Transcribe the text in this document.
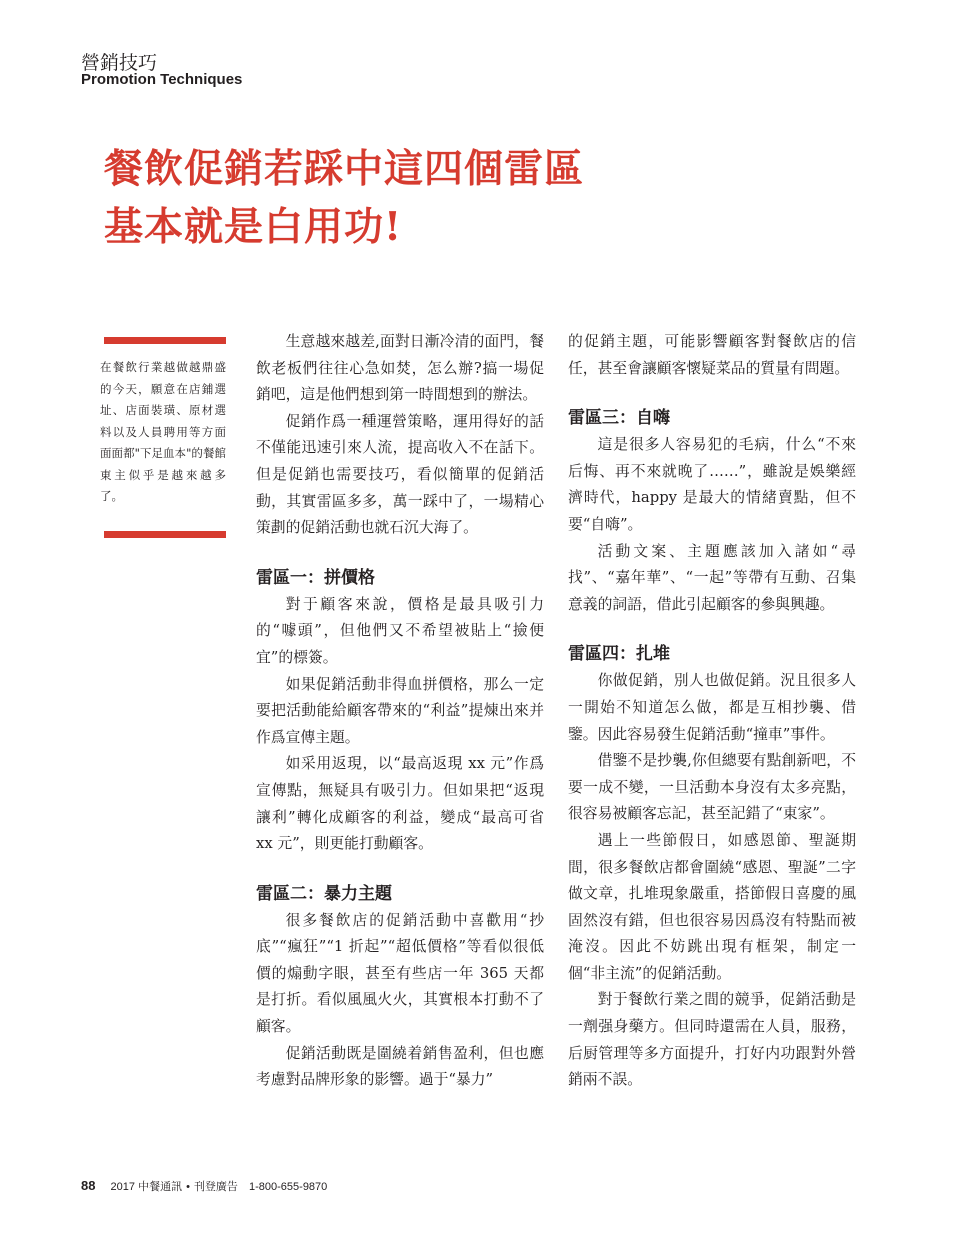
營銷技巧
Promotion Techniques
餐飲促銷若踩中這四個雷區
基本就是白用功!

在餐飲行業越做越鼎盛的今天，願意在店鋪選址、店面裝璜、原材選料以及人員聘用等方面面面都"下足血本"的餐館東主似乎是越來越多了。

生意越來越差,面對日漸冷清的面門，餐飲老板們往往心急如焚，怎么辦?搞一場促銷吧，這是他們想到第一時間想到的辦法。

促銷作爲一種運營策略，運用得好的話不僅能迅速引來人流，提高收入不在話下。但是促銷也需要技巧，看似簡單的促銷活動，其實雷區多多，萬一踩中了，一場精心策劃的促銷活動也就石沉大海了。

雷區一：拼價格

對于顧客來說，價格是最具吸引力的“噱頭”，但他們又不希望被貼上“撿便宜”的標簽。

如果促銷活動非得血拼價格，那么一定要把活動能給顧客帶來的“利益”提煉出來并作爲宣傳主題。

如采用返現，以“最高返現 xx 元”作爲宣傳點，無疑具有吸引力。但如果把“返現讓利”轉化成顧客的利益，變成“最高可省 xx 元”，則更能打動顧客。

雷區二：暴力主題

很多餐飲店的促銷活動中喜歡用“抄底”“瘋狂”“1 折起”“超低價格”等看似很低價的煽動字眼，甚至有些店一年 365 天都是打折。看似風風火火，其實根本打動不了顧客。

促銷活動既是圍繞着銷售盈利，但也應考慮對品牌形象的影響。過于“暴力”

的促銷主題，可能影響顧客對餐飲店的信任，甚至會讓顧客懷疑菜品的質量有問題。

雷區三：自嗨

這是很多人容易犯的毛病，什么“不來后悔、再不來就晚了……”，雖說是娛樂經濟時代，happy 是最大的情緒賣點，但不要“自嗨”。

活動文案、主題應該加入諸如“尋找”、“嘉年華”、“一起”等帶有互動、召集意義的詞語，借此引起顧客的參與興趣。

雷區四：扎堆

你做促銷，別人也做促銷。況且很多人一開始不知道怎么做，都是互相抄襲、借鑒。因此容易發生促銷活動“撞車”事件。

借鑒不是抄襲,你但總要有點創新吧，不要一成不變，一旦活動本身沒有太多亮點，很容易被顧客忘記，甚至記錯了“東家”。

遇上一些節假日，如感恩節、聖誕期間，很多餐飲店都會圍繞“感恩、聖誕”二字做文章，扎堆現象嚴重，搭節假日喜慶的風固然沒有錯，但也很容易因爲沒有特點而被淹沒。因此不妨跳出現有框架，制定一個“非主流”的促銷活動。

對于餐飲行業之間的競爭，促銷活動是一劑强身藥方。但同時還需在人員，服務，后厨管理等多方面提升，打好内功跟對外營銷兩不誤。

88 2017 中餐通訊 • 刊登廣告 1-800-655-9870
